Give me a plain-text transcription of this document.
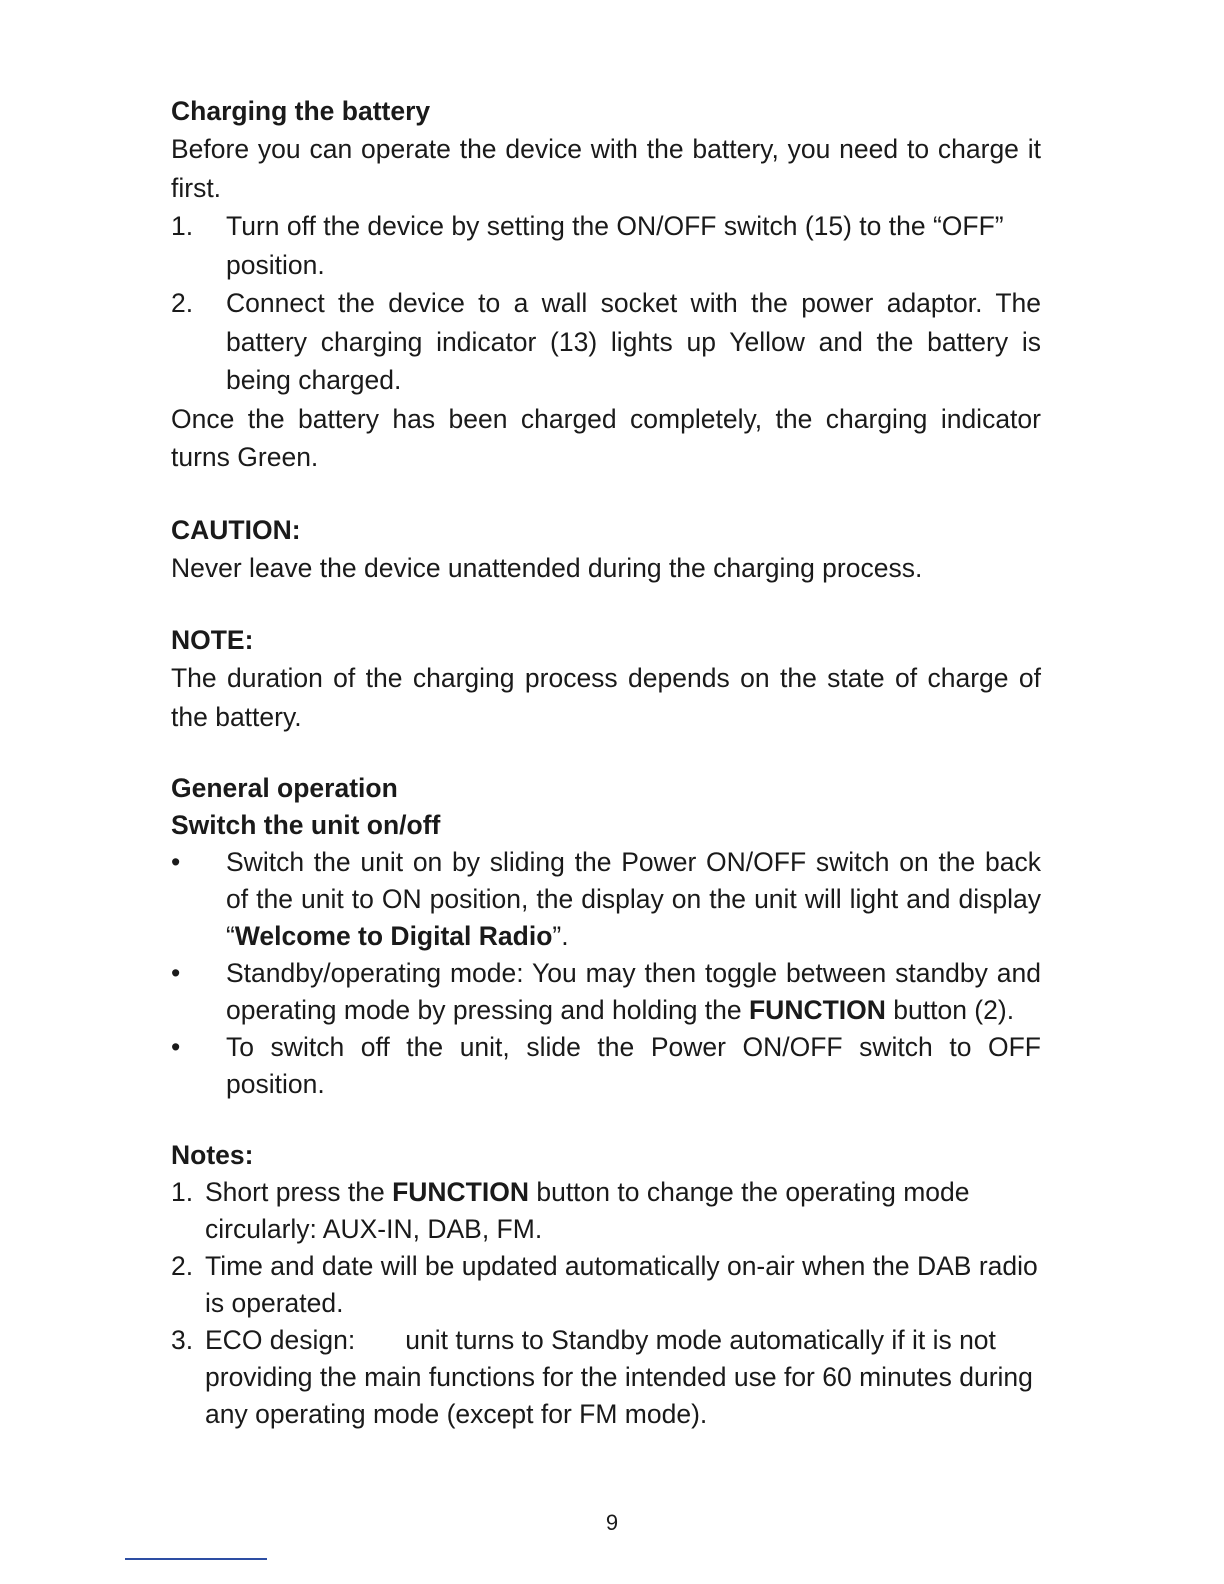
Charging the battery

Before you can operate the device with the battery, you need to charge it first.

1. Turn off the device by setting the ON/OFF switch (15) to the “OFF” position.

2. Connect the device to a wall socket with the power adaptor. The battery charging indicator (13) lights up Yellow and the battery is being charged.

Once the battery has been charged completely, the charging indicator turns Green.

CAUTION:

Never leave the device unattended during the charging process.

NOTE:

The duration of the charging process depends on the state of charge of the battery.

General operation
Switch the unit on/off
• Switch the unit on by sliding the Power ON/OFF switch on the back of the unit to ON position, the display on the unit will light and display “Welcome to Digital Radio”.

• Standby/operating mode: You may then toggle between standby and operating mode by pressing and holding the FUNCTION button (2).

• To switch off the unit, slide the Power ON/OFF switch to OFF position.

Notes:
1. Short press the FUNCTION button to change the operating mode circularly: AUX-IN, DAB, FM.

2. Time and date will be updated automatically on-air when the DAB radio is operated.

3. ECO design: unit turns to Standby mode automatically if it is not providing the main functions for the intended use for 60 minutes during any operating mode (except for FM mode).

9
